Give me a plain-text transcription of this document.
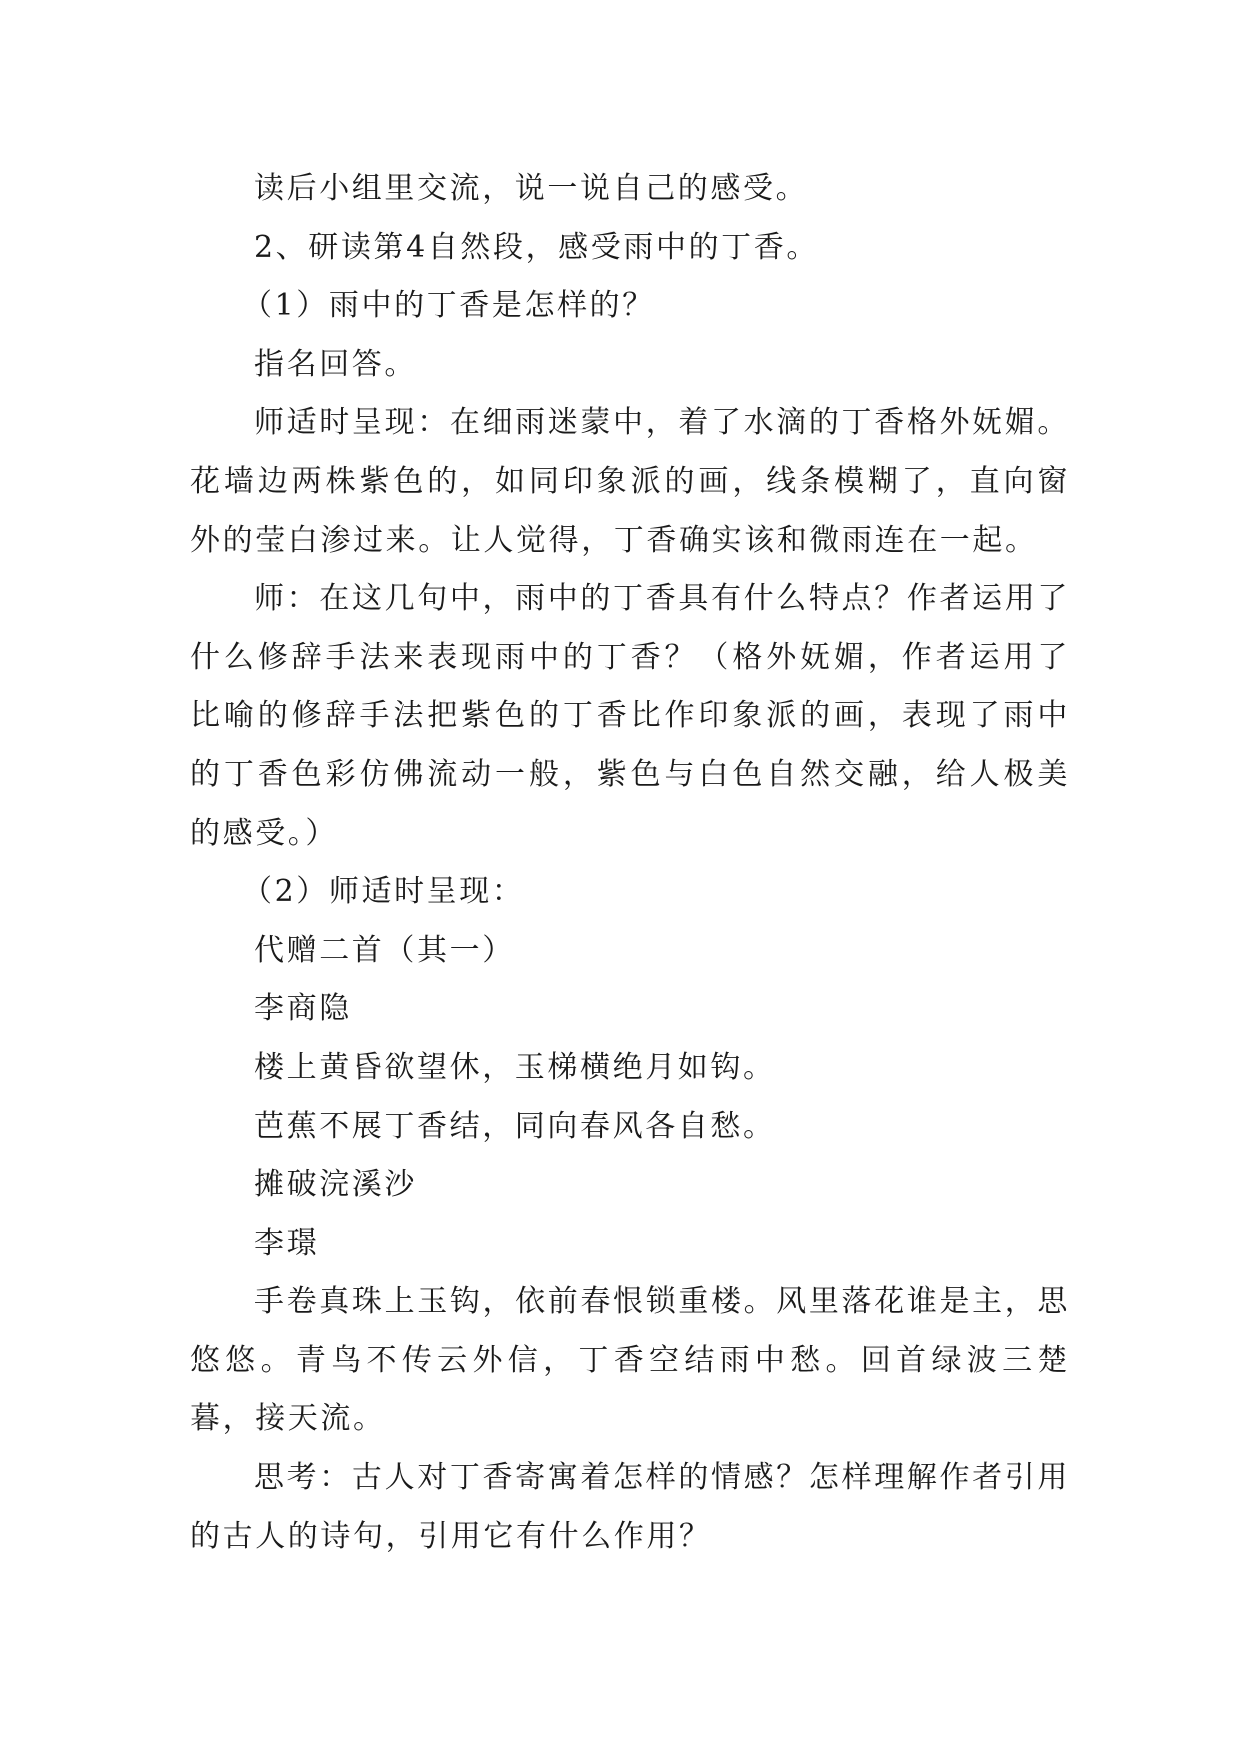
读后小组里交流，说一说自己的感受。

2、研读第4自然段，感受雨中的丁香。

（1）雨中的丁香是怎样的？

指名回答。

师适时呈现：在细雨迷蒙中，着了水滴的丁香格外妩媚。花墙边两株紫色的，如同印象派的画，线条模糊了，直向窗外的莹白渗过来。让人觉得，丁香确实该和微雨连在一起。

师：在这几句中，雨中的丁香具有什么特点？作者运用了什么修辞手法来表现雨中的丁香？（格外妩媚，作者运用了比喻的修辞手法把紫色的丁香比作印象派的画，表现了雨中的丁香色彩仿佛流动一般，紫色与白色自然交融，给人极美的感受。）

（2）师适时呈现：

代赠二首（其一）

李商隐

楼上黄昏欲望休，玉梯横绝月如钩。

芭蕉不展丁香结，同向春风各自愁。

摊破浣溪沙

李璟

手卷真珠上玉钩，依前春恨锁重楼。风里落花谁是主，思悠悠。青鸟不传云外信，丁香空结雨中愁。回首绿波三楚暮，接天流。

思考：古人对丁香寄寓着怎样的情感？怎样理解作者引用的古人的诗句，引用它有什么作用？
